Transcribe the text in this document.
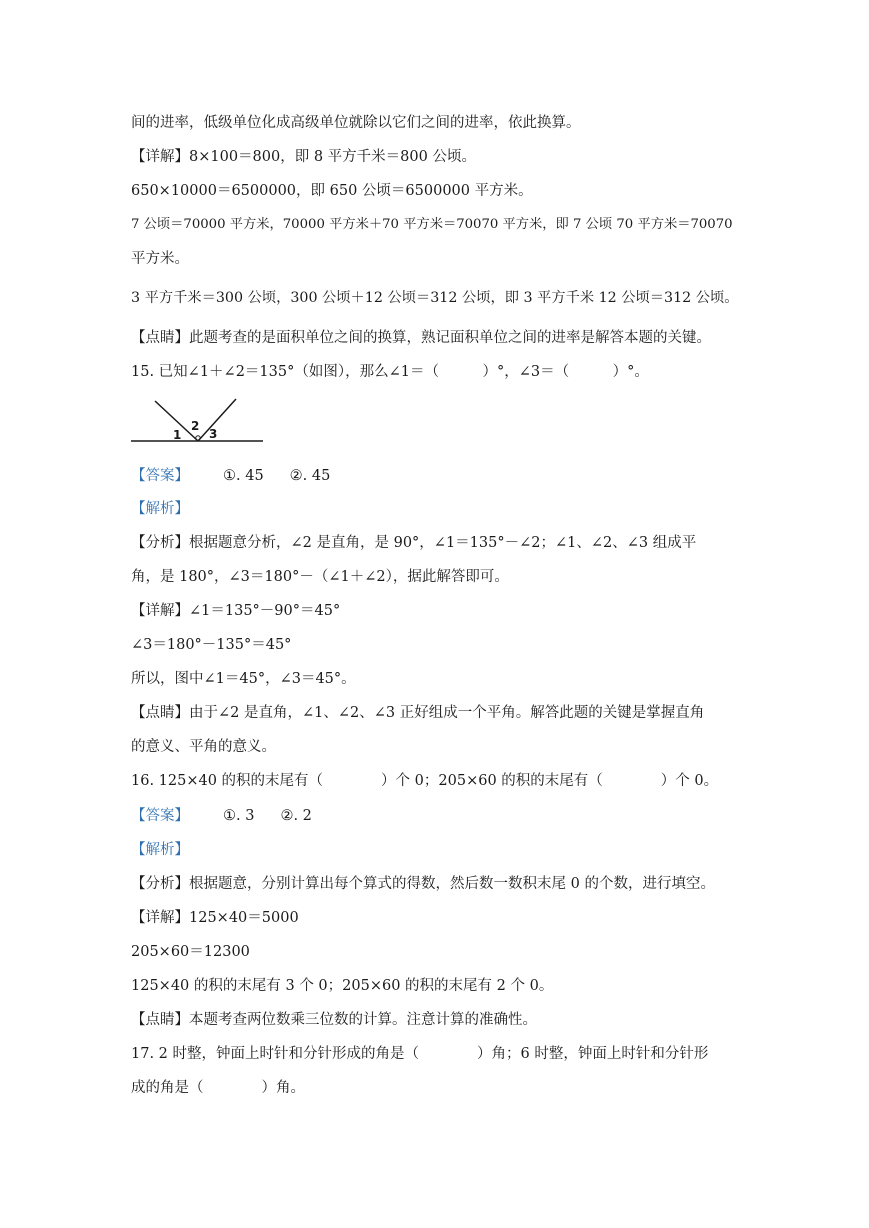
间的进率，低级单位化成高级单位就除以它们之间的进率，依此换算。
【详解】8×100＝800，即 8 平方千米＝800 公顷。
650×10000＝6500000，即 650 公顷＝6500000 平方米。
7 公顷＝70000 平方米，70000 平方米＋70 平方米＝70070 平方米，即 7 公顷 70 平方米＝70070
平方米。
3 平方千米＝300 公顷，300 公顷＋12 公顷＝312 公顷，即 3 平方千米 12 公顷＝312 公顷。
【点睛】此题考查的是面积单位之间的换算，熟记面积单位之间的进率是解答本题的关键。
15. 已知∠1＋∠2＝135°（如图），那么∠1＝（　　　）°，∠3＝（　　　）°。
1
2
3
【答案】 ①. 45 ②. 45
【解析】
【分析】根据题意分析，∠2 是直角，是 90°，∠1＝135°－∠2；∠1、∠2、∠3 组成平
角，是 180°，∠3＝180°－（∠1＋∠2），据此解答即可。
【详解】∠1＝135°－90°＝45°
∠3＝180°－135°＝45°
所以，图中∠1＝45°，∠3＝45°。
【点睛】由于∠2 是直角，∠1、∠2、∠3 正好组成一个平角。解答此题的关键是掌握直角
的意义、平角的意义。
16. 125×40 的积的末尾有（　　　　）个 0；205×60 的积的末尾有（　　　　）个 0。
【答案】 ①. 3 ②. 2
【解析】
【分析】根据题意，分别计算出每个算式的得数，然后数一数积末尾 0 的个数，进行填空。
【详解】125×40＝5000
205×60＝12300
125×40 的积的末尾有 3 个 0；205×60 的积的末尾有 2 个 0。
【点睛】本题考查两位数乘三位数的计算。注意计算的准确性。
17. 2 时整，钟面上时针和分针形成的角是（　　　　）角；6 时整，钟面上时针和分针形
成的角是（　　　　）角。
